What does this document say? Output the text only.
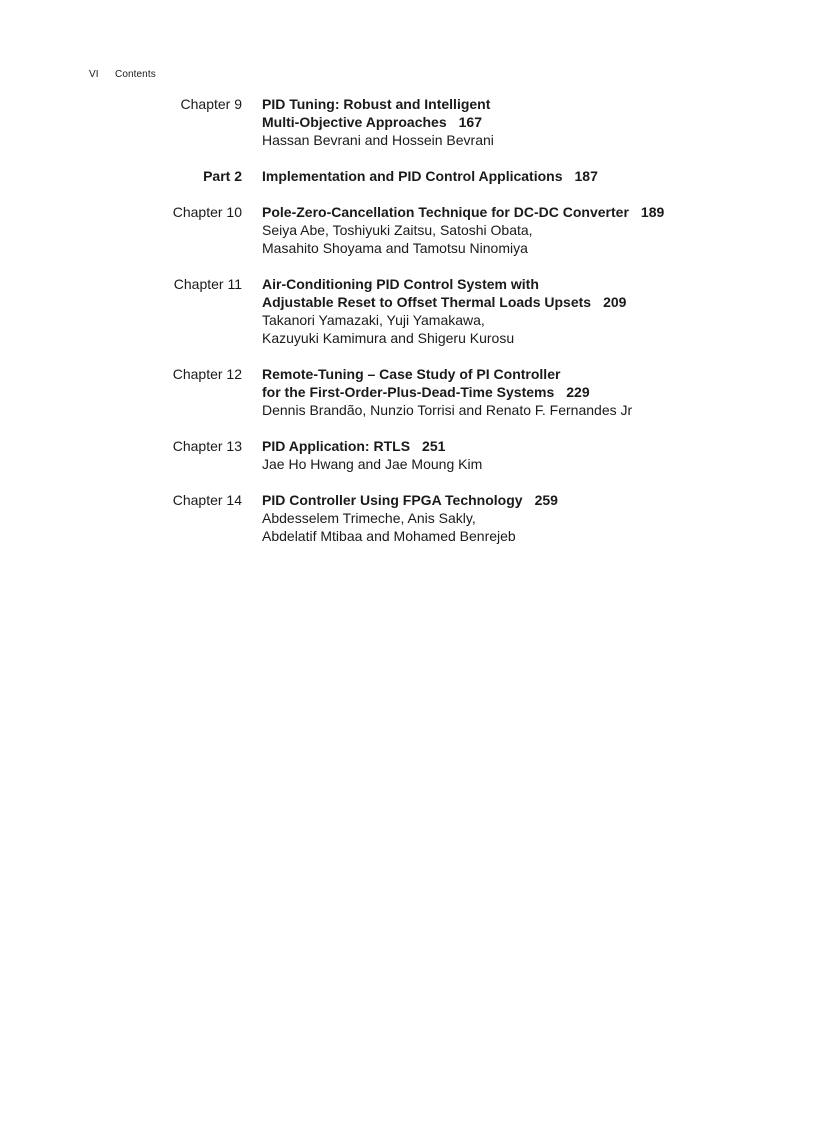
VI Contents
Chapter 9 PID Tuning: Robust and Intelligent
Multi-Objective Approaches 167
Hassan Bevrani and Hossein Bevrani
Part 2 Implementation and PID Control Applications 187
Chapter 10 Pole-Zero-Cancellation Technique for DC-DC Converter 189
Seiya Abe, Toshiyuki Zaitsu, Satoshi Obata,
Masahito Shoyama and Tamotsu Ninomiya
Chapter 11 Air-Conditioning PID Control System with
Adjustable Reset to Offset Thermal Loads Upsets 209
Takanori Yamazaki, Yuji Yamakawa,
Kazuyuki Kamimura and Shigeru Kurosu
Chapter 12 Remote-Tuning – Case Study of PI Controller
for the First-Order-Plus-Dead-Time Systems 229
Dennis Brandão, Nunzio Torrisi and Renato F. Fernandes Jr
Chapter 13 PID Application: RTLS 251
Jae Ho Hwang and Jae Moung Kim
Chapter 14 PID Controller Using FPGA Technology 259
Abdesselem Trimeche, Anis Sakly,
Abdelatif Mtibaa and Mohamed Benrejeb
